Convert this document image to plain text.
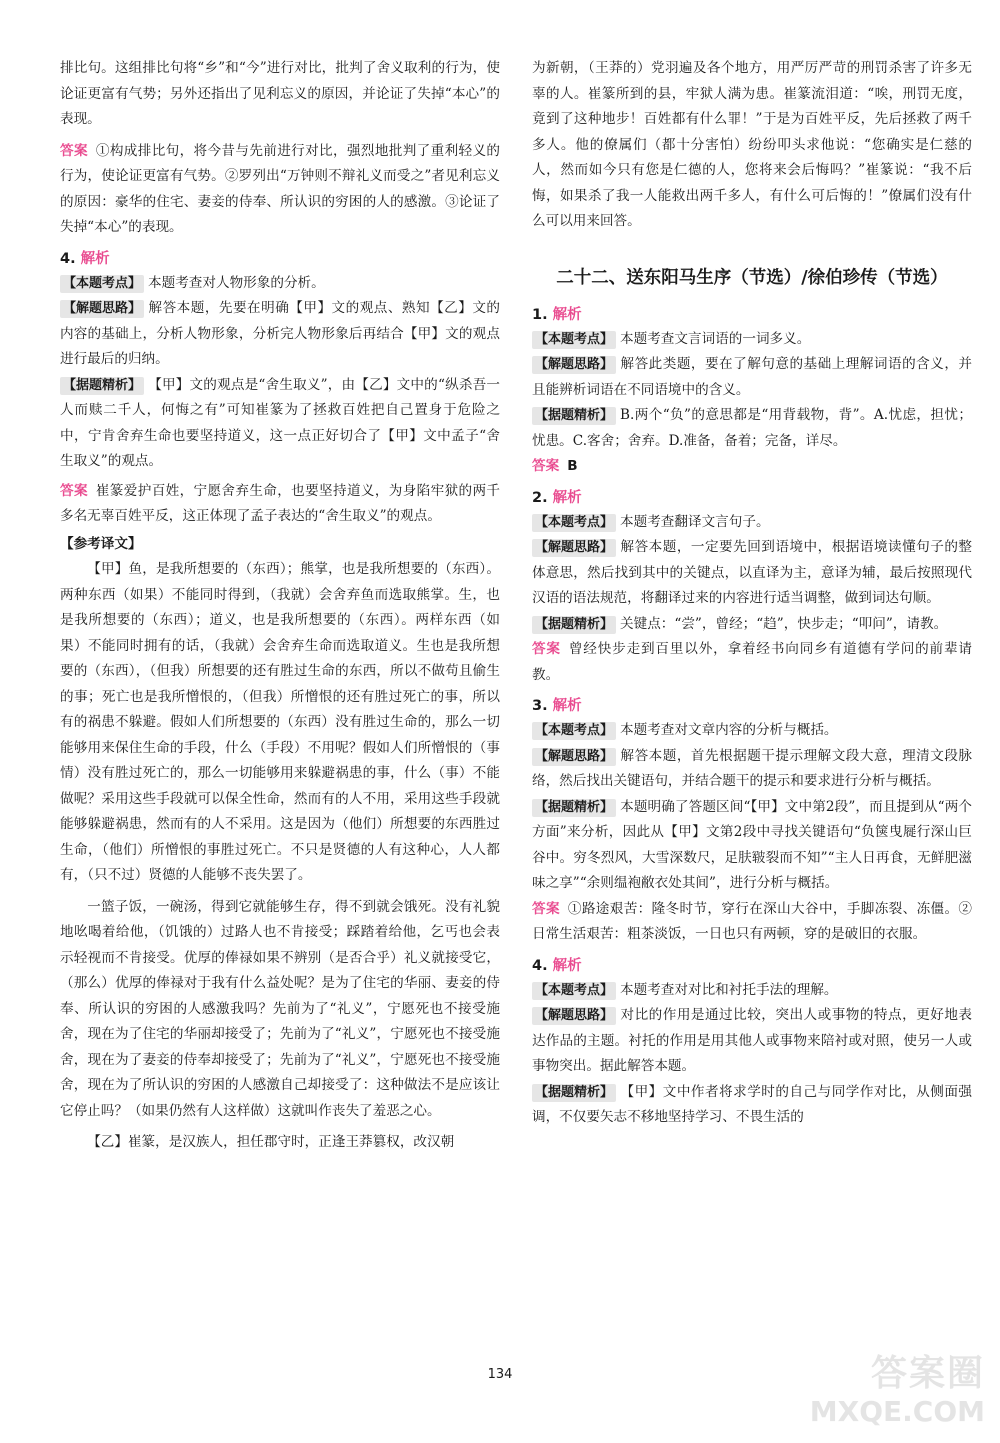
排比句。这组排比句将“乡”和“今”进行对比，批判了舍义取利的行为，使论证更富有气势；另外还指出了见利忘义的原因，并论证了失掉“本心”的表现。

答案 ①构成排比句，将今昔与先前进行对比，强烈地批判了重利轻义的行为，使论证更富有气势。②罗列出“万钟则不辩礼义而受之”者见利忘义的原因：豪华的住宅、妻妾的侍奉、所认识的穷困的人的感激。③论证了失掉“本心”的表现。

4. 解析

【本题考点】 本题考查对人物形象的分析。

【解题思路】 解答本题，先要在明确【甲】文的观点、熟知【乙】文的内容的基础上，分析人物形象，分析完人物形象后再结合【甲】文的观点进行最后的归纳。

【据题精析】 【甲】文的观点是“舍生取义”，由【乙】文中的“纵杀吾一人而赎二千人，何悔之有”可知崔篆为了拯救百姓把自己置身于危险之中，宁肯舍弃生命也要坚持道义，这一点正好切合了【甲】文中孟子“舍生取义”的观点。

答案 崔篆爱护百姓，宁愿舍弃生命，也要坚持道义，为身陷牢狱的两千多名无辜百姓平反，这正体现了孟子表达的“舍生取义”的观点。

【参考译文】

【甲】鱼，是我所想要的（东西）；熊掌，也是我所想要的（东西）。两种东西（如果）不能同时得到，（我就）会舍弃鱼而选取熊掌。生，也是我所想要的（东西）；道义，也是我所想要的（东西）。两样东西（如果）不能同时拥有的话，（我就）会舍弃生命而选取道义。生也是我所想要的（东西），（但我）所想要的还有胜过生命的东西，所以不做苟且偷生的事；死亡也是我所憎恨的，（但我）所憎恨的还有胜过死亡的事，所以有的祸患不躲避。假如人们所想要的（东西）没有胜过生命的，那么一切能够用来保住生命的手段，什么（手段）不用呢？假如人们所憎恨的（事情）没有胜过死亡的，那么一切能够用来躲避祸患的事，什么（事）不能做呢？采用这些手段就可以保全性命，然而有的人不用，采用这些手段就能够躲避祸患，然而有的人不采用。这是因为（他们）所想要的东西胜过生命，（他们）所憎恨的事胜过死亡。不只是贤德的人有这种心，人人都有，（只不过）贤德的人能够不丧失罢了。

一篮子饭，一碗汤，得到它就能够生存，得不到就会饿死。没有礼貌地吆喝着给他，（饥饿的）过路人也不肯接受；踩踏着给他，乞丐也会表示轻视而不肯接受。优厚的俸禄如果不辨别（是否合乎）礼义就接受它，（那么）优厚的俸禄对于我有什么益处呢？是为了住宅的华丽、妻妾的侍奉、所认识的穷困的人感激我吗？先前为了“礼义”，宁愿死也不接受施舍，现在为了住宅的华丽却接受了；先前为了“礼义”，宁愿死也不接受施舍，现在为了妻妾的侍奉却接受了；先前为了“礼义”，宁愿死也不接受施舍，现在为了所认识的穷困的人感激自己却接受了：这种做法不是应该让它停止吗？（如果仍然有人这样做）这就叫作丧失了羞恶之心。

【乙】崔篆，是汉族人，担任郡守时，正逢王莽篡权，改汉朝

为新朝，（王莽的）党羽遍及各个地方，用严厉严苛的刑罚杀害了许多无辜的人。崔篆所到的县，牢狱人满为患。崔篆流泪道：“唉，刑罚无度，竟到了这种地步！百姓都有什么罪！”于是为百姓平反，先后拯救了两千多人。他的僚属们（都十分害怕）纷纷叩头求他说：“您确实是仁慈的人，然而如今只有您是仁德的人，您将来会后悔吗？”崔篆说：“我不后悔，如果杀了我一人能救出两千多人，有什么可后悔的！”僚属们没有什么可以用来回答。

二十二、送东阳马生序（节选）/徐伯珍传（节选）
1. 解析

【本题考点】 本题考查文言词语的一词多义。

【解题思路】 解答此类题，要在了解句意的基础上理解词语的含义，并且能辨析词语在不同语境中的含义。

【据题精析】 B.两个“负”的意思都是“用背载物，背”。A.忧虑，担忧；忧患。C.客舍；舍弃。D.准备，备着；完备，详尽。

答案 B

2. 解析

【本题考点】 本题考查翻译文言句子。

【解题思路】 解答本题，一定要先回到语境中，根据语境读懂句子的整体意思，然后找到其中的关键点，以直译为主，意译为辅，最后按照现代汉语的语法规范，将翻译过来的内容进行适当调整，做到词达句顺。

【据题精析】 关键点：“尝”，曾经；“趋”，快步走；“叩问”，请教。

答案 曾经快步走到百里以外，拿着经书向同乡有道德有学问的前辈请教。

3. 解析

【本题考点】 本题考查对文章内容的分析与概括。

【解题思路】 解答本题，首先根据题干提示理解文段大意，理清文段脉络，然后找出关键语句，并结合题干的提示和要求进行分析与概括。

【据题精析】 本题明确了答题区间“【甲】文中第2段”，而且提到从“两个方面”来分析，因此从【甲】文第2段中寻找关键语句“负箧曳屣行深山巨谷中。穷冬烈风，大雪深数尺，足肤皲裂而不知”“主人日再食，无鲜肥滋味之享”“余则缊袍敝衣处其间”，进行分析与概括。

答案 ①路途艰苦：隆冬时节，穿行在深山大谷中，手脚冻裂、冻僵。②日常生活艰苦：粗茶淡饭，一日也只有两顿，穿的是破旧的衣服。

4. 解析

【本题考点】 本题考查对对比和衬托手法的理解。

【解题思路】 对比的作用是通过比较，突出人或事物的特点，更好地表达作品的主题。衬托的作用是用其他人或事物来陪衬或对照，使另一人或事物突出。据此解答本题。

【据题精析】 【甲】文中作者将求学时的自己与同学作对比，从侧面强调，不仅要矢志不移地坚持学习、不畏生活的

134	答案圈
MXQE.COM
